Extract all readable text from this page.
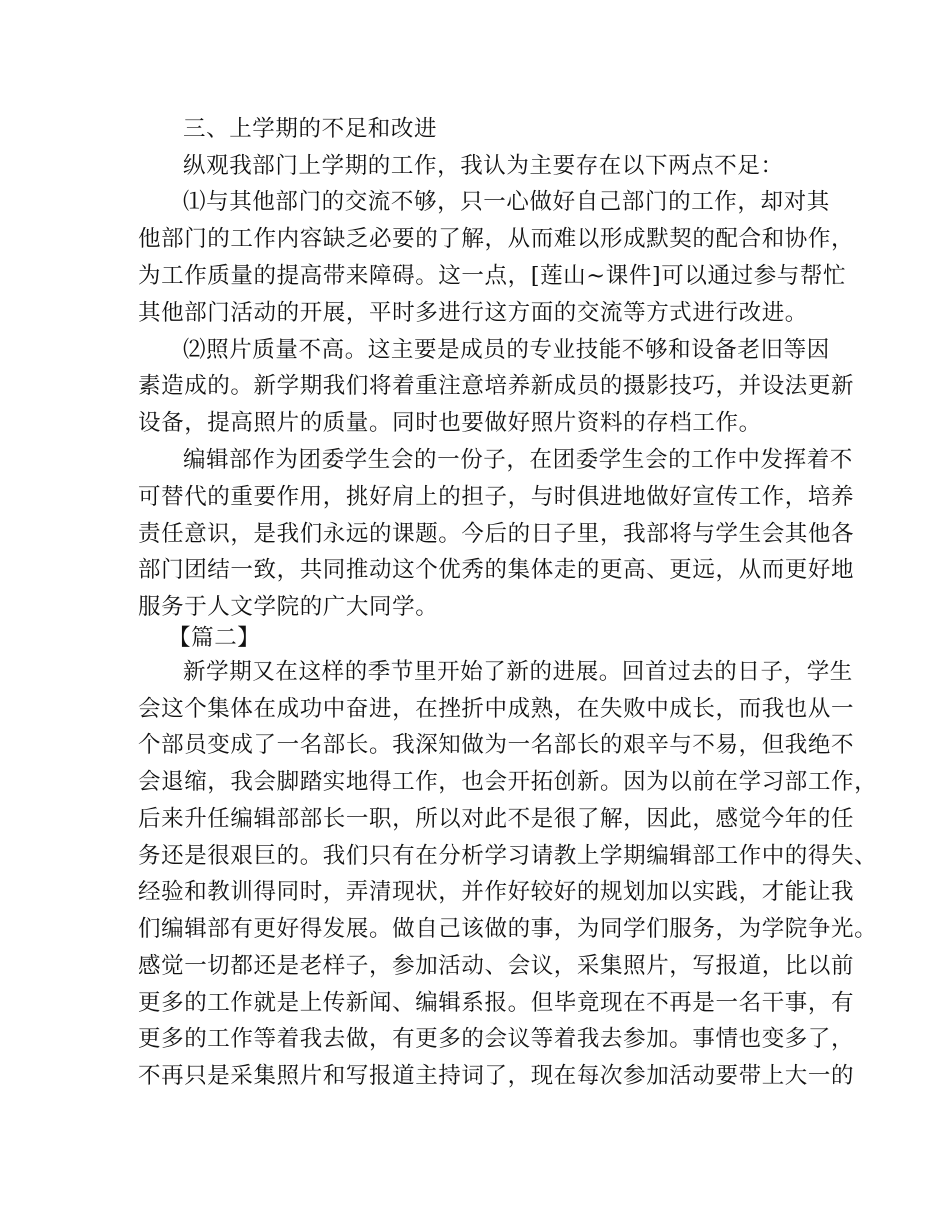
三、上学期的不足和改进
纵观我部门上学期的工作，我认为主要存在以下两点不足：
⑴与其他部门的交流不够，只一心做好自己部门的工作，却对其
他部门的工作内容缺乏必要的了解，从而难以形成默契的配合和协作，
为工作质量的提高带来障碍。这一点，[莲山~课件]可以通过参与帮忙
其他部门活动的开展，平时多进行这方面的交流等方式进行改进。
⑵照片质量不高。这主要是成员的专业技能不够和设备老旧等因
素造成的。新学期我们将着重注意培养新成员的摄影技巧，并设法更新
设备，提高照片的质量。同时也要做好照片资料的存档工作。
编辑部作为团委学生会的一份子，在团委学生会的工作中发挥着不
可替代的重要作用，挑好肩上的担子，与时俱进地做好宣传工作，培养
责任意识，是我们永远的课题。今后的日子里，我部将与学生会其他各
部门团结一致，共同推动这个优秀的集体走的更高、更远，从而更好地
服务于人文学院的广大同学。
【篇二】
新学期又在这样的季节里开始了新的进展。回首过去的日子，学生
会这个集体在成功中奋进，在挫折中成熟，在失败中成长，而我也从一
个部员变成了一名部长。我深知做为一名部长的艰辛与不易，但我绝不
会退缩，我会脚踏实地得工作，也会开拓创新。因为以前在学习部工作，
后来升任编辑部部长一职，所以对此不是很了解，因此，感觉今年的任
务还是很艰巨的。我们只有在分析学习请教上学期编辑部工作中的得失、
经验和教训得同时，弄清现状，并作好较好的规划加以实践，才能让我
们编辑部有更好得发展。做自己该做的事，为同学们服务，为学院争光。
感觉一切都还是老样子，参加活动、会议，采集照片，写报道，比以前
更多的工作就是上传新闻、编辑系报。但毕竟现在不再是一名干事，有
更多的工作等着我去做，有更多的会议等着我去参加。事情也变多了，
不再只是采集照片和写报道主持词了，现在每次参加活动要带上大一的
